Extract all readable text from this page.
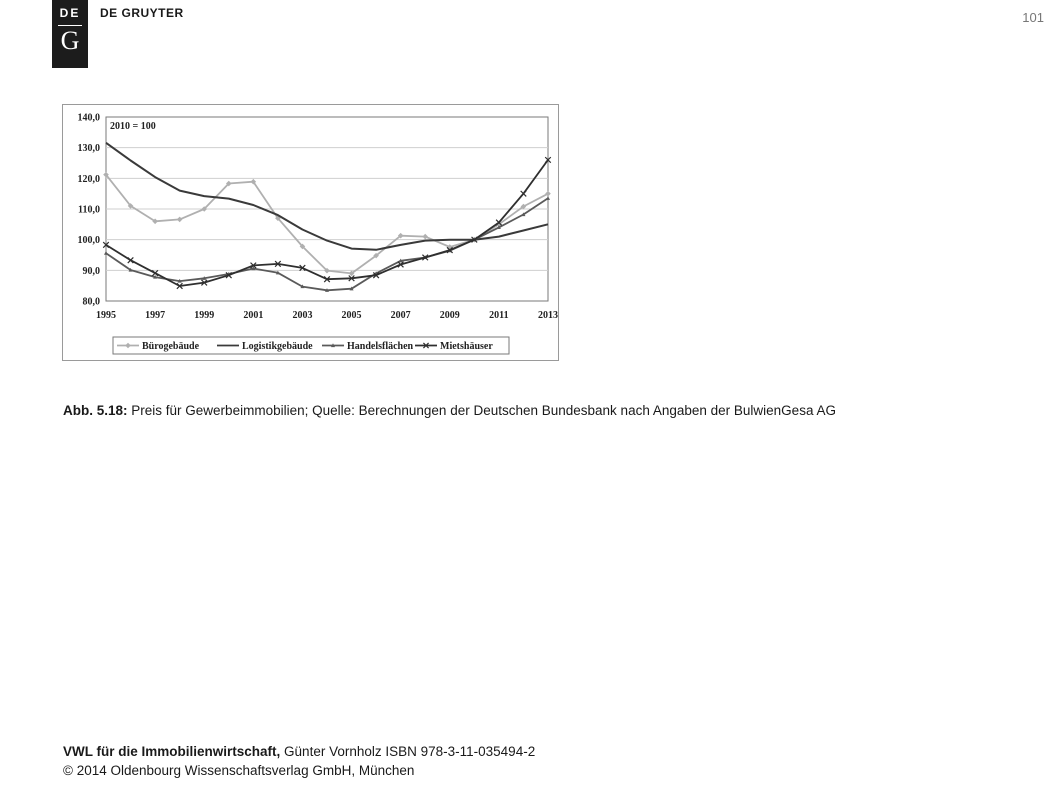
DE
G
DE GRUYTER	101
80,0
90,0
100,0
110,0
120,0
130,0
140,0
1995	1997	1999	2001	2003	2005	2007	2009	2011	2013
2010 = 100
Bürogebäude	Logistikgebäude	Handelsflächen	Mietshäuser
Abb. 5.18: Preis für Gewerbeimmobilien; Quelle: Berechnungen der Deutschen Bundesbank nach Angaben der BulwienGesa AG
VWL für die Immobilienwirtschaft, Günter Vornholz ISBN 978-3-11-035494-2
© 2014 Oldenbourg Wissenschaftsverlag GmbH, München
